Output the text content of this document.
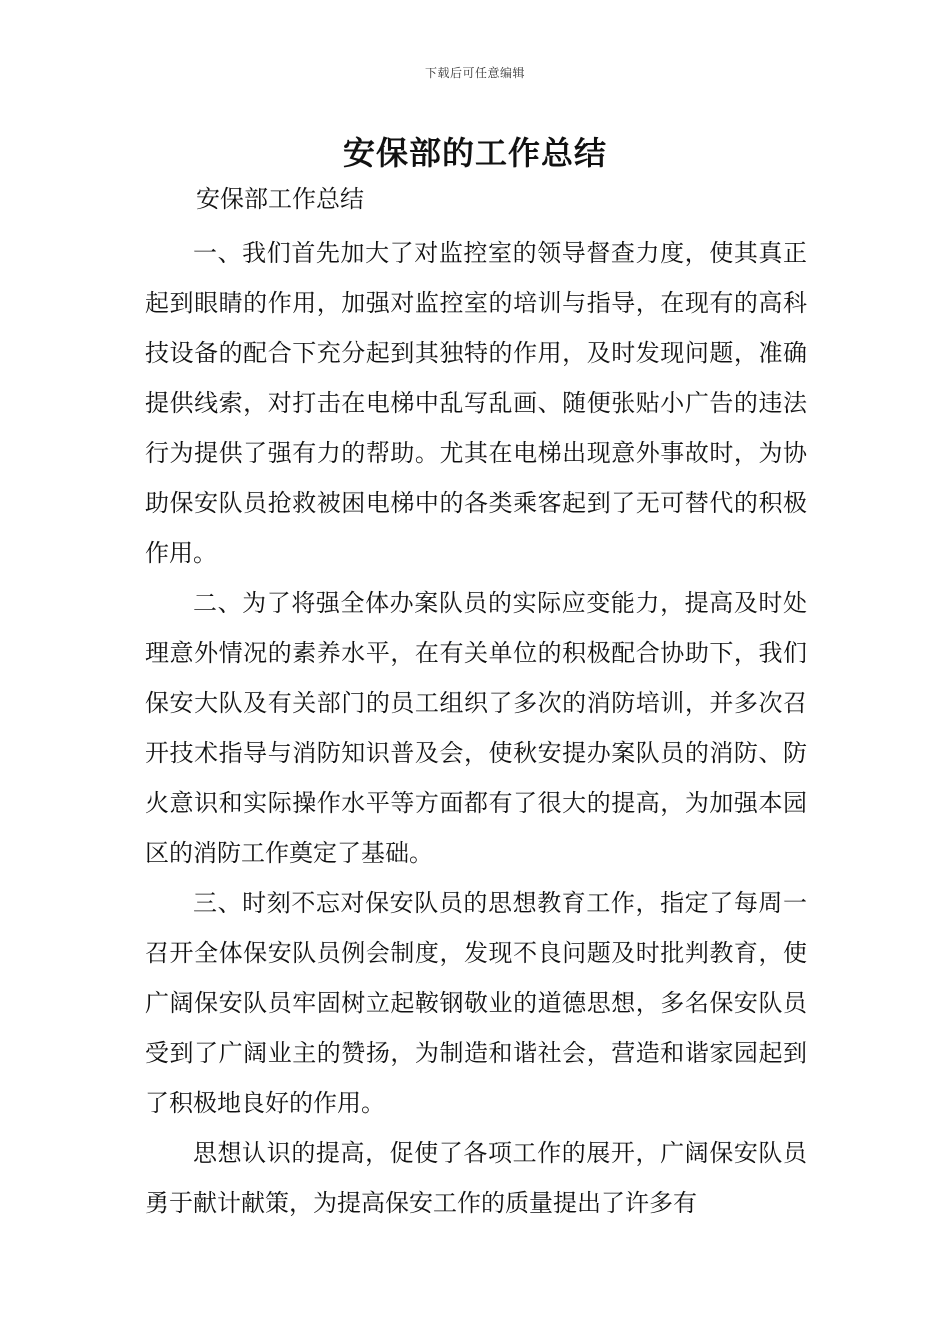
下载后可任意编辑
安保部的工作总结
安保部工作总结

一、我们首先加大了对监控室的领导督查力度，使其真正起到眼睛的作用，加强对监控室的培训与指导，在现有的高科技设备的配合下充分起到其独特的作用，及时发现问题，准确提供线索，对打击在电梯中乱写乱画、随便张贴小广告的违法行为提供了强有力的帮助。尤其在电梯出现意外事故时，为协助保安队员抢救被困电梯中的各类乘客起到了无可替代的积极作用。

二、为了将强全体办案队员的实际应变能力，提高及时处理意外情况的素养水平，在有关单位的积极配合协助下，我们保安大队及有关部门的员工组织了多次的消防培训，并多次召开技术指导与消防知识普及会，使秋安提办案队员的消防、防火意识和实际操作水平等方面都有了很大的提高，为加强本园区的消防工作奠定了基础。

三、时刻不忘对保安队员的思想教育工作，指定了每周一召开全体保安队员例会制度，发现不良问题及时批判教育，使广阔保安队员牢固树立起鞍钢敬业的道德思想，多名保安队员受到了广阔业主的赞扬，为制造和谐社会，营造和谐家园起到了积极地良好的作用。

思想认识的提高，促使了各项工作的展开，广阔保安队员勇于献计献策，为提高保安工作的质量提出了许多有
